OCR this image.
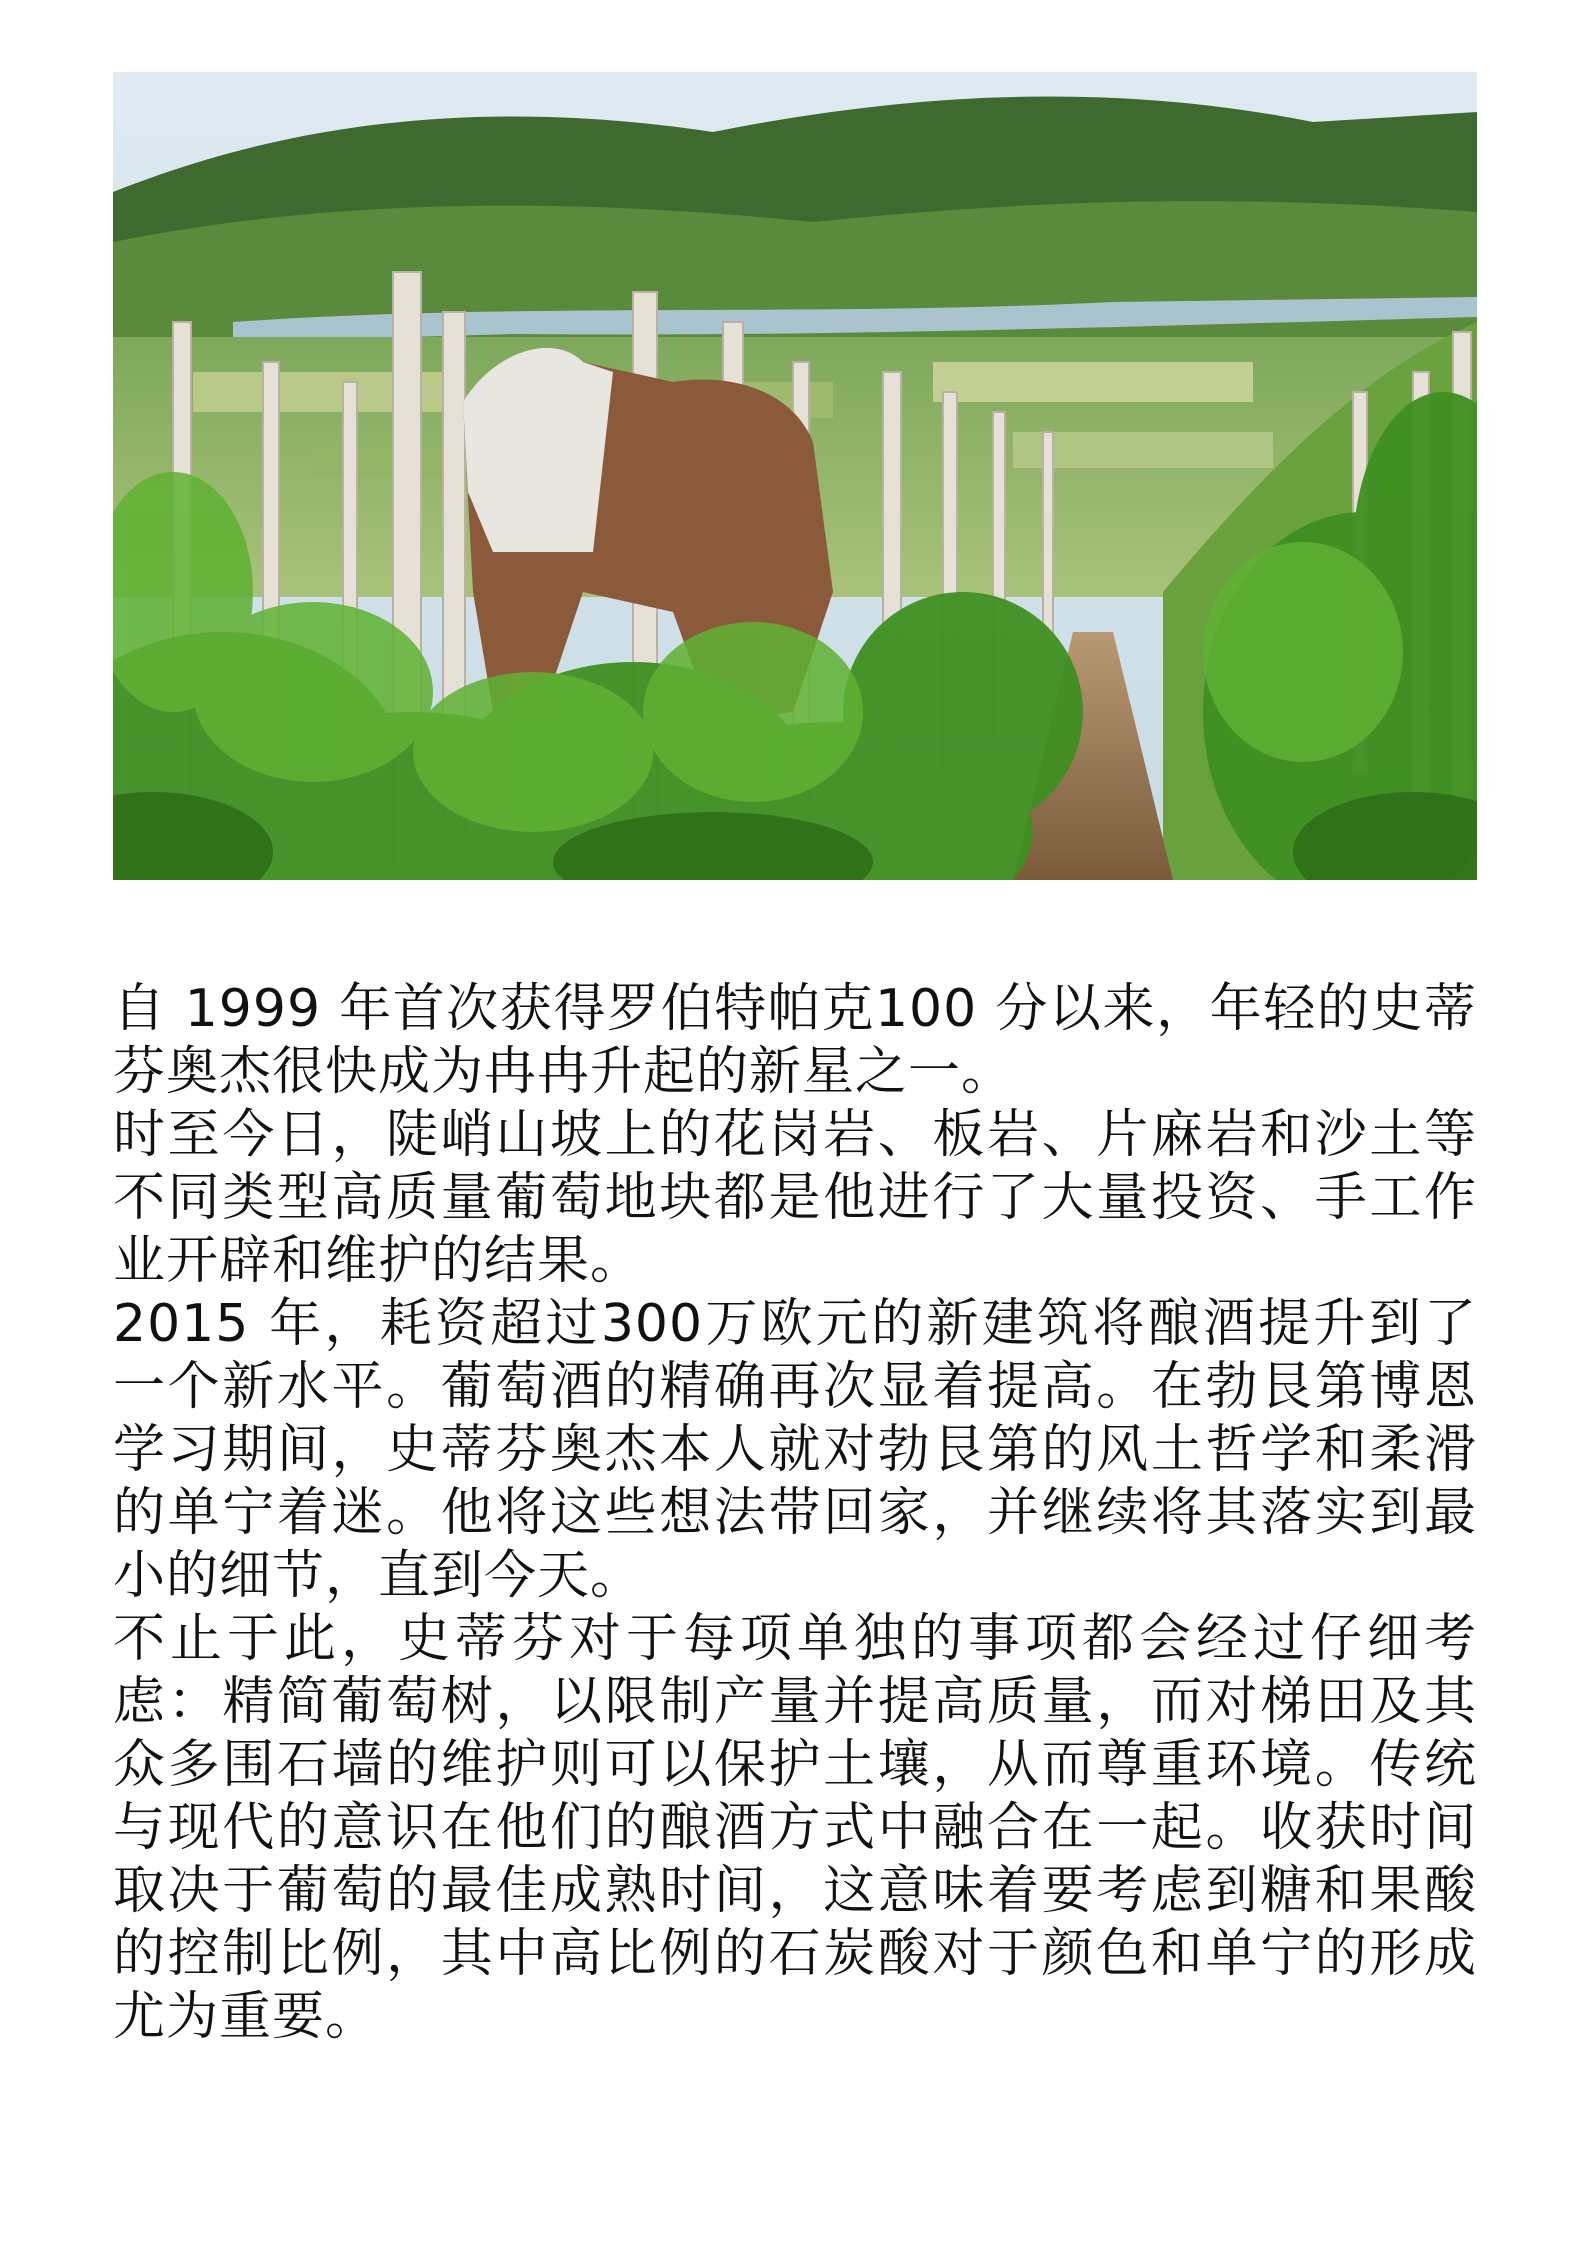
自 1999 年首次获得罗伯特帕克100 分以来，年轻的史蒂芬奥杰很快成为冉冉升起的新星之一。

时至今日，陡峭山坡上的花岗岩、板岩、片麻岩和沙土等不同类型高质量葡萄地块都是他进行了大量投资、手工作业开辟和维护的结果。

2015 年，耗资超过300万欧元的新建筑将酿酒提升到了一个新水平。葡萄酒的精确再次显着提高。在勃艮第博恩学习期间，史蒂芬奥杰本人就对勃艮第的风土哲学和柔滑的单宁着迷。他将这些想法带回家，并继续将其落实到最小的细节，直到今天。

不止于此，史蒂芬对于每项单独的事项都会经过仔细考虑：精简葡萄树，以限制产量并提高质量，而对梯田及其众多围石墙的维护则可以保护土壤，从而尊重环境。传统与现代的意识在他们的酿酒方式中融合在一起。收获时间取决于葡萄的最佳成熟时间，这意味着要考虑到糖和果酸的控制比例，其中高比例的石炭酸对于颜色和单宁的形成尤为重要。
